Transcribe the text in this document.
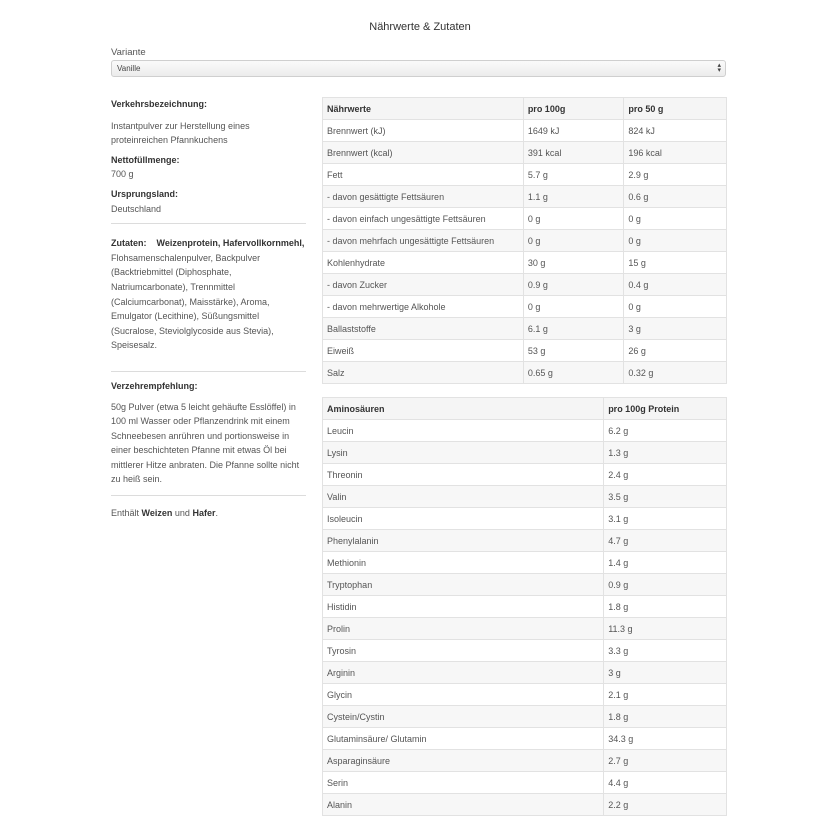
Nährwerte & Zutaten
Variante
Vanille	▴
▾
Verkehrsbezeichnung:
Instantpulver zur Herstellung eines proteinreichen Pfannkuchens
Nettofüllmenge:
700 g
Ursprungsland:
Deutschland
Zutaten: Weizenprotein, Hafervollkornmehl, Flohsamenschalenpulver, Backpulver (Backtriebmittel (Diphosphate, Natriumcarbonate), Trennmittel (Calciumcarbonat), Maisstärke), Aroma, Emulgator (Lecithine), Süßungsmittel (Sucralose, Steviolglycoside aus Stevia), Speisesalz.
Verzehrempfehlung:
50g Pulver (etwa 5 leicht gehäufte Esslöffel) in 100 ml Wasser oder Pflanzendrink mit einem Schneebesen anrühren und portionsweise in einer beschichteten Pfanne mit etwas Öl bei mittlerer Hitze anbraten. Die Pfanne sollte nicht zu heiß sein.
Enthält Weizen und Hafer.
Nährwerte	pro 100g	pro 50 g
Brennwert (kJ)	1649 kJ	824 kJ
Brennwert (kcal)	391 kcal	196 kcal
Fett	5.7 g	2.9 g
- davon gesättigte Fettsäuren	1.1 g	0.6 g
- davon einfach ungesättigte Fettsäuren	0 g	0 g
- davon mehrfach ungesättigte Fettsäuren	0 g	0 g
Kohlenhydrate	30 g	15 g
- davon Zucker	0.9 g	0.4 g
- davon mehrwertige Alkohole	0 g	0 g
Ballaststoffe	6.1 g	3 g
Eiweiß	53 g	26 g
Salz	0.65 g	0.32 g
Aminosäuren	pro 100g Protein
Leucin	6.2 g
Lysin	1.3 g
Threonin	2.4 g
Valin	3.5 g
Isoleucin	3.1 g
Phenylalanin	4.7 g
Methionin	1.4 g
Tryptophan	0.9 g
Histidin	1.8 g
Prolin	11.3 g
Tyrosin	3.3 g
Arginin	3 g
Glycin	2.1 g
Cystein/Cystin	1.8 g
Glutaminsäure/ Glutamin	34.3 g
Asparaginsäure	2.7 g
Serin	4.4 g
Alanin	2.2 g
